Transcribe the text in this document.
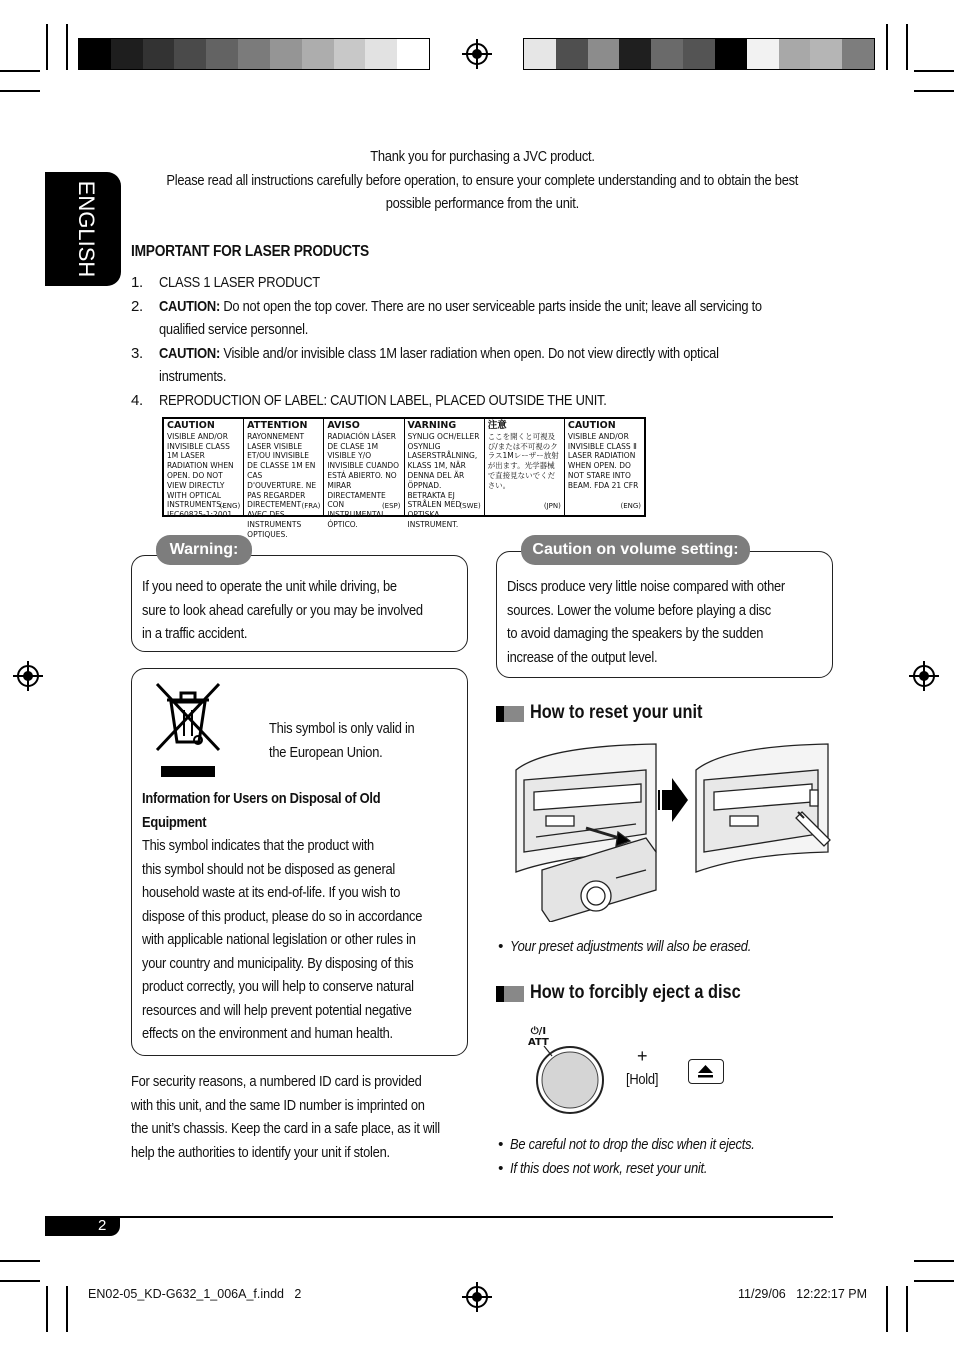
ENGLISH
Thank you for purchasing a JVC product.
Please read all instructions carefully before operation, to ensure your complete understanding and to obtain the best
possible performance from the unit.
IMPORTANT FOR LASER PRODUCTS
1. CLASS 1 LASER PRODUCT
2. CAUTION: Do not open the top cover. There are no user serviceable parts inside the unit; leave all servicing to
qualified service personnel.
3. CAUTION: Visible and/or invisible class 1M laser radiation when open. Do not view directly with optical
instruments.
4. REPRODUCTION OF LABEL: CAUTION LABEL, PLACED OUTSIDE THE UNIT.
CAUTION
VISIBLE AND/OR INVISIBLE CLASS 1M LASER RADIATION WHEN OPEN. DO NOT VIEW DIRECTLY WITH OPTICAL INSTRUMENTS. IEC60825-1:2001
(ENG)
ATTENTION
RAYONNEMENT LASER VISIBLE ET/OU INVISIBLE DE CLASSE 1M EN CAS D'OUVERTURE. NE PAS REGARDER DIRECTEMENT AVEC DES INSTRUMENTS OPTIQUES.
(FRA)
AVISO
RADIACIÓN LÁSER DE CLASE 1M VISIBLE Y/O INVISIBLE CUANDO ESTÁ ABIERTO. NO MIRAR DIRECTAMENTE CON INSTRUMENTAL ÓPTICO.
(ESP)
VARNING
SYNLIG OCH/ELLER OSYNLIG LASERSTRÅLNING, KLASS 1M, NÄR DENNA DEL ÄR ÖPPNAD. BETRAKTA EJ STRÅLEN MED OPTISKA INSTRUMENT.
(SWE)
注意
ここを開くと可視及び/または不可視のクラス1Mレーザー放射が出ます。光学器械で直接見ないでください。
(JPN)
CAUTION
VISIBLE AND/OR INVISIBLE CLASS Ⅱ LASER RADIATION WHEN OPEN. DO NOT STARE INTO BEAM. FDA 21 CFR
(ENG)
Warning:
If you need to operate the unit while driving, be
sure to look ahead carefully or you may be involved
in a traffic accident.
Caution on volume setting:
Discs produce very little noise compared with other
sources. Lower the volume before playing a disc
to avoid damaging the speakers by the sudden
increase of the output level.
This symbol is only valid in
the European Union.
Information for Users on Disposal of Old
Equipment
This symbol indicates that the product with
this symbol should not be disposed as general
household waste at its end-of-life. If you wish to
dispose of this product, please do so in accordance
with applicable national legislation or other rules in
your country and municipality. By disposing of this
product correctly, you will help to conserve natural
resources and will help prevent potential negative
effects on the environment and human health.
For security reasons, a numbered ID card is provided
with this unit, and the same ID number is imprinted on
the unit’s chassis. Keep the card in a safe place, as it will
help the authorities to identify your unit if stolen.
How to reset your unit
• Your preset adjustments will also be erased.
How to forcibly eject a disc
⏻/I
ATT
+
[Hold]
• Be careful not to drop the disc when it ejects.
• If this does not work, reset your unit.
2
EN02-05_KD-G632_1_006A_f.indd   2	11/29/06   12:22:17 PM
